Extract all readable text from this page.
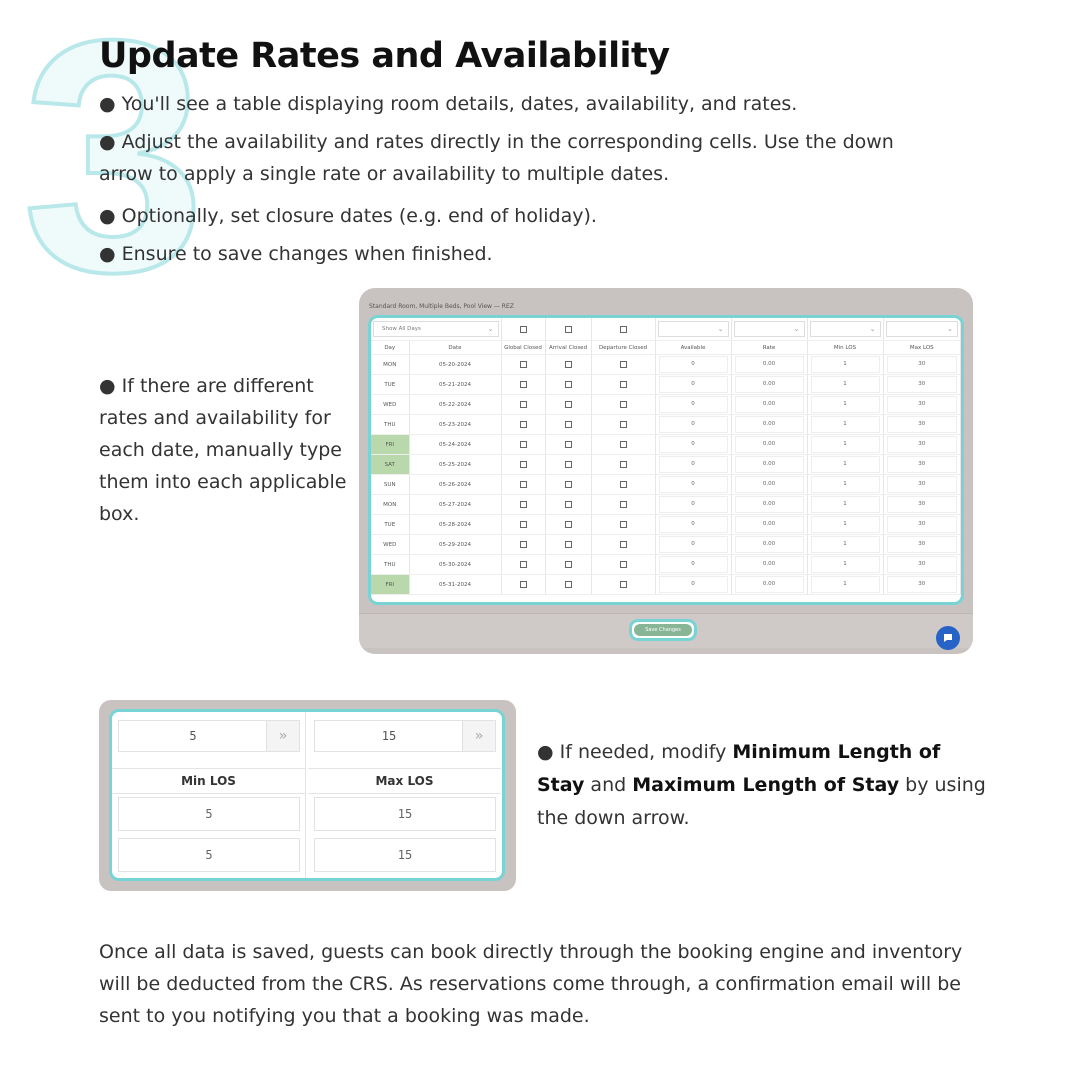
3
Update Rates and Availability

● You'll see a table displaying room details, dates, availability, and rates.

● Adjust the availability and rates directly in the corresponding cells. Use the down arrow to apply a single rate or availability to multiple dates.

● Optionally, set closure dates (e.g. end of holiday).

● Ensure to save changes when finished.

● If there are different rates and availability for each date, manually type them into each applicable box.

Standard Room, Multiple Beds, Pool View — REZ
Show All Days ⌄					⌄	⌄	⌄	⌄

Day	Date	Global Closed	Arrival Closed	Departure Closed	Available	Rate	Min LOS	Max LOS
MON	05-20-2024				0	0.00	1	30

TUE	05-21-2024				0	0.00	1	30

WED	05-22-2024				0	0.00	1	30

THU	05-23-2024				0	0.00	1	30

FRI	05-24-2024				0	0.00	1	30

SAT	05-25-2024				0	0.00	1	30

SUN	05-26-2024				0	0.00	1	30

MON	05-27-2024				0	0.00	1	30

TUE	05-28-2024				0	0.00	1	30

WED	05-29-2024				0	0.00	1	30

THU	05-30-2024				0	0.00	1	30

FRI	05-31-2024				0	0.00	1	30
Save Changes
5	»
Min LOS
5
5
15	»
Max LOS
15
15

● If needed, modify Minimum Length of Stay and Maximum Length of Stay by using the down arrow.

Once all data is saved, guests can book directly through the booking engine and inventory will be deducted from the CRS. As reservations come through, a confirmation email will be sent to you notifying you that a booking was made.
